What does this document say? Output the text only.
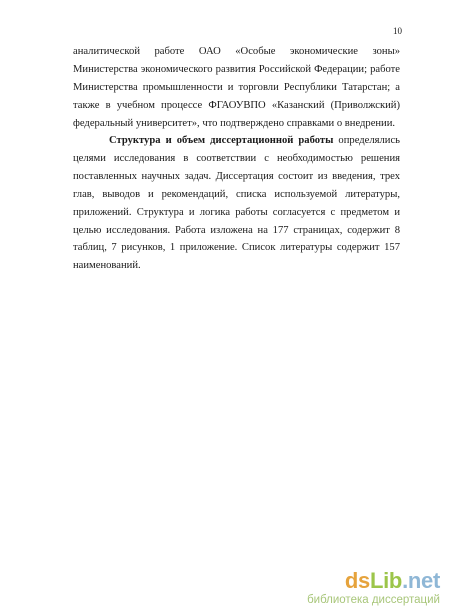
10
аналитической работе ОАО «Особые экономические зоны» Министерства экономического развития Российской Федерации; работе Министерства промышленности и торговли Республики Татарстан; а также в учебном процессе ФГАОУВПО «Казанский (Приволжский) федеральный университет», что подтверждено справками о внедрении.
Структура и объем диссертационной работы определялись целями исследования в соответствии с необходимостью решения поставленных научных задач. Диссертация состоит из введения, трех глав, выводов и рекомендаций, списка используемой литературы, приложений. Структура и логика работы согласуется с предметом и целью исследования. Работа изложена на 177 страницах, содержит 8 таблиц, 7 рисунков, 1 приложение. Список литературы содержит 157 наименований.
dsLib.net
библиотека диссертаций
